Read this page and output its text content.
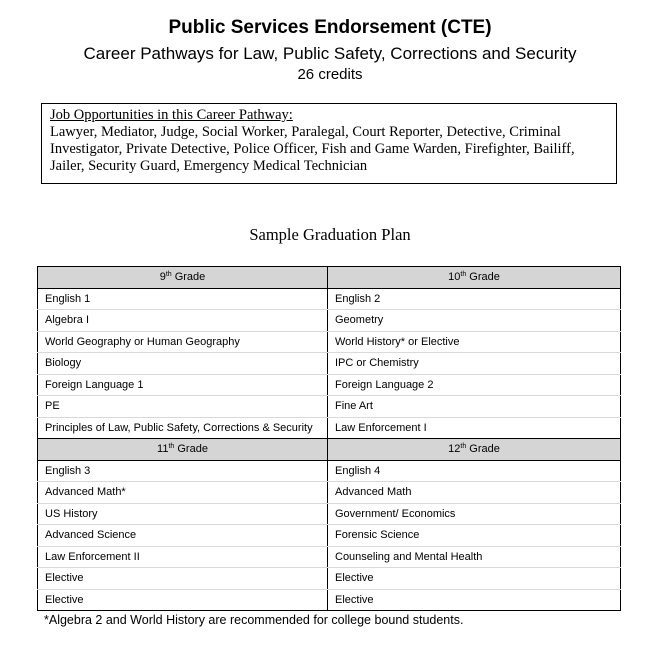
Public Services Endorsement (CTE)
Career Pathways for Law, Public Safety, Corrections and Security
26 credits
Job Opportunities in this Career Pathway:
Lawyer, Mediator, Judge, Social Worker, Paralegal, Court Reporter, Detective, Criminal Investigator, Private Detective, Police Officer, Fish and Game Warden, Firefighter, Bailiff, Jailer, Security Guard, Emergency Medical Technician
Sample Graduation Plan
9th Grade	10th Grade
English 1	English 2
Algebra I	Geometry
World Geography or Human Geography	World History* or Elective
Biology	IPC or Chemistry
Foreign Language 1	Foreign Language 2
PE	Fine Art
Principles of Law, Public Safety, Corrections & Security	Law Enforcement I
11th Grade	12th Grade
English 3	English 4
Advanced Math*	Advanced Math
US History	Government/ Economics
Advanced Science	Forensic Science
Law Enforcement II	Counseling and Mental Health
Elective	Elective
Elective	Elective
*Algebra 2 and World History are recommended for college bound students.
